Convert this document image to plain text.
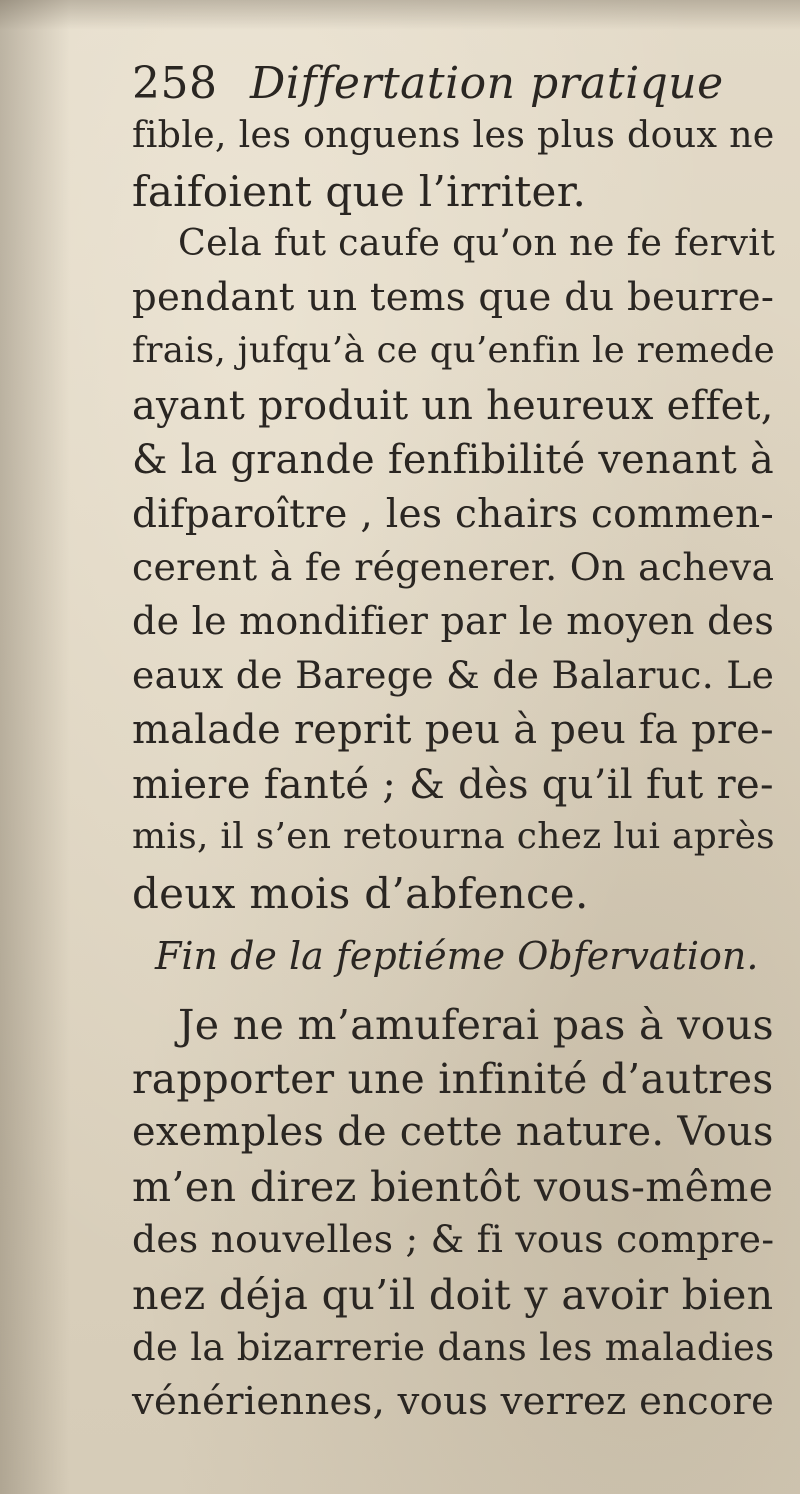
258 Differtation pratique
fible, les onguens les plus doux ne
faifoient que l’irriter.
Cela fut caufe qu’on ne fe fervit
pendant un tems que du beurre-
frais, jufqu’à ce qu’enfin le remede
ayant produit un heureux effet,
& la grande fenfibilité venant à
difparoître , les chairs commen-
cerent à fe régenerer. On acheva
de le mondifier par le moyen des
eaux de Barege & de Balaruc. Le
malade reprit peu à peu fa pre-
miere fanté ; & dès qu’il fut re-
mis, il s’en retourna chez lui après
deux mois d’abfence.
Fin de la feptiéme Obfervation.
Je ne m’amuferai pas à vous
rapporter une infinité d’autres
exemples de cette nature. Vous
m’en direz bientôt vous-même
des nouvelles ; & fi vous compre-
nez déja qu’il doit y avoir bien
de la bizarrerie dans les maladies
vénériennes, vous verrez encore
